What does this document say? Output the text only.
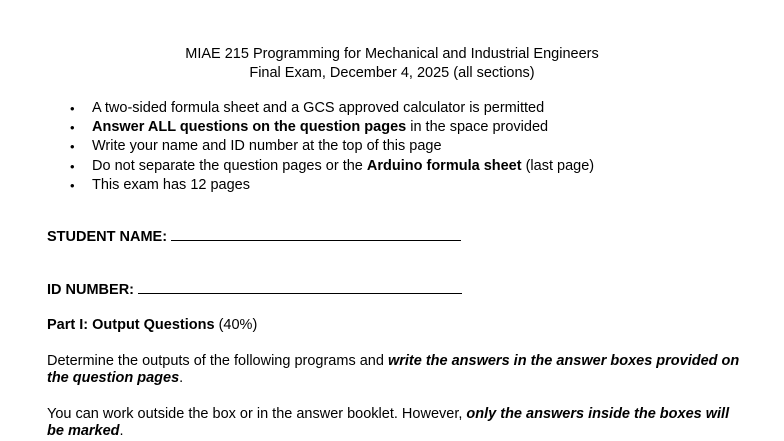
MIAE 215 Programming for Mechanical and Industrial Engineers
Final Exam, December 4, 2025 (all sections)
• A two-sided formula sheet and a GCS approved calculator is permitted
• Answer ALL questions on the question pages in the space provided
• Write your name and ID number at the top of this page
• Do not separate the question pages or the Arduino formula sheet (last page)
• This exam has 12 pages
STUDENT NAME:
ID NUMBER:
Part I: Output Questions (40%)
Determine the outputs of the following programs and write the answers in the answer boxes provided on the question pages.
You can work outside the box or in the answer booklet. However, only the answers inside the boxes will be marked.
